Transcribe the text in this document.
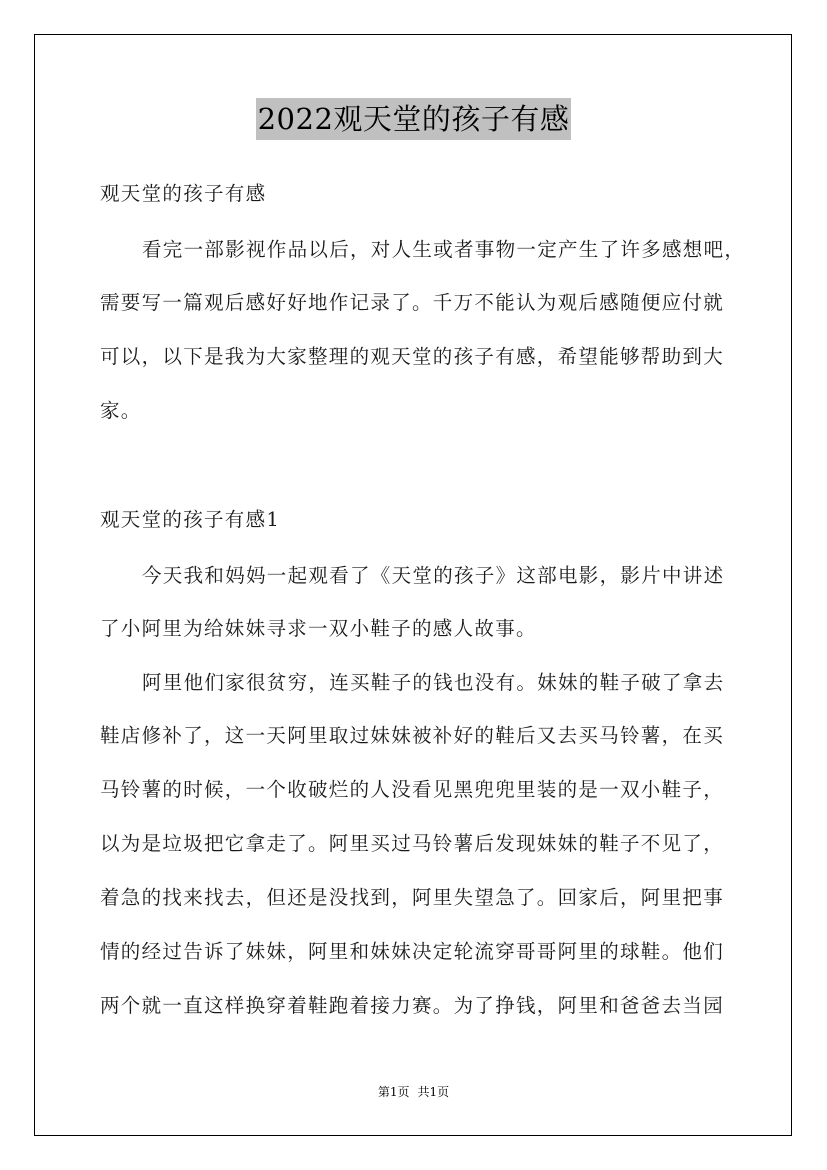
2022观天堂的孩子有感
观天堂的孩子有感
看完一部影视作品以后，对人生或者事物一定产生了许多感想吧，
需要写一篇观后感好好地作记录了。千万不能认为观后感随便应付就
可以，以下是我为大家整理的观天堂的孩子有感，希望能够帮助到大
家。
观天堂的孩子有感1
今天我和妈妈一起观看了《天堂的孩子》这部电影，影片中讲述
了小阿里为给妹妹寻求一双小鞋子的感人故事。
阿里他们家很贫穷，连买鞋子的钱也没有。妹妹的鞋子破了拿去
鞋店修补了，这一天阿里取过妹妹被补好的鞋后又去买马铃薯，在买
马铃薯的时候，一个收破烂的人没看见黑兜兜里装的是一双小鞋子，
以为是垃圾把它拿走了。阿里买过马铃薯后发现妹妹的鞋子不见了，
着急的找来找去，但还是没找到，阿里失望急了。回家后，阿里把事
情的经过告诉了妹妹，阿里和妹妹决定轮流穿哥哥阿里的球鞋。他们
两个就一直这样换穿着鞋跑着接力赛。为了挣钱，阿里和爸爸去当园
第1页 共1页
